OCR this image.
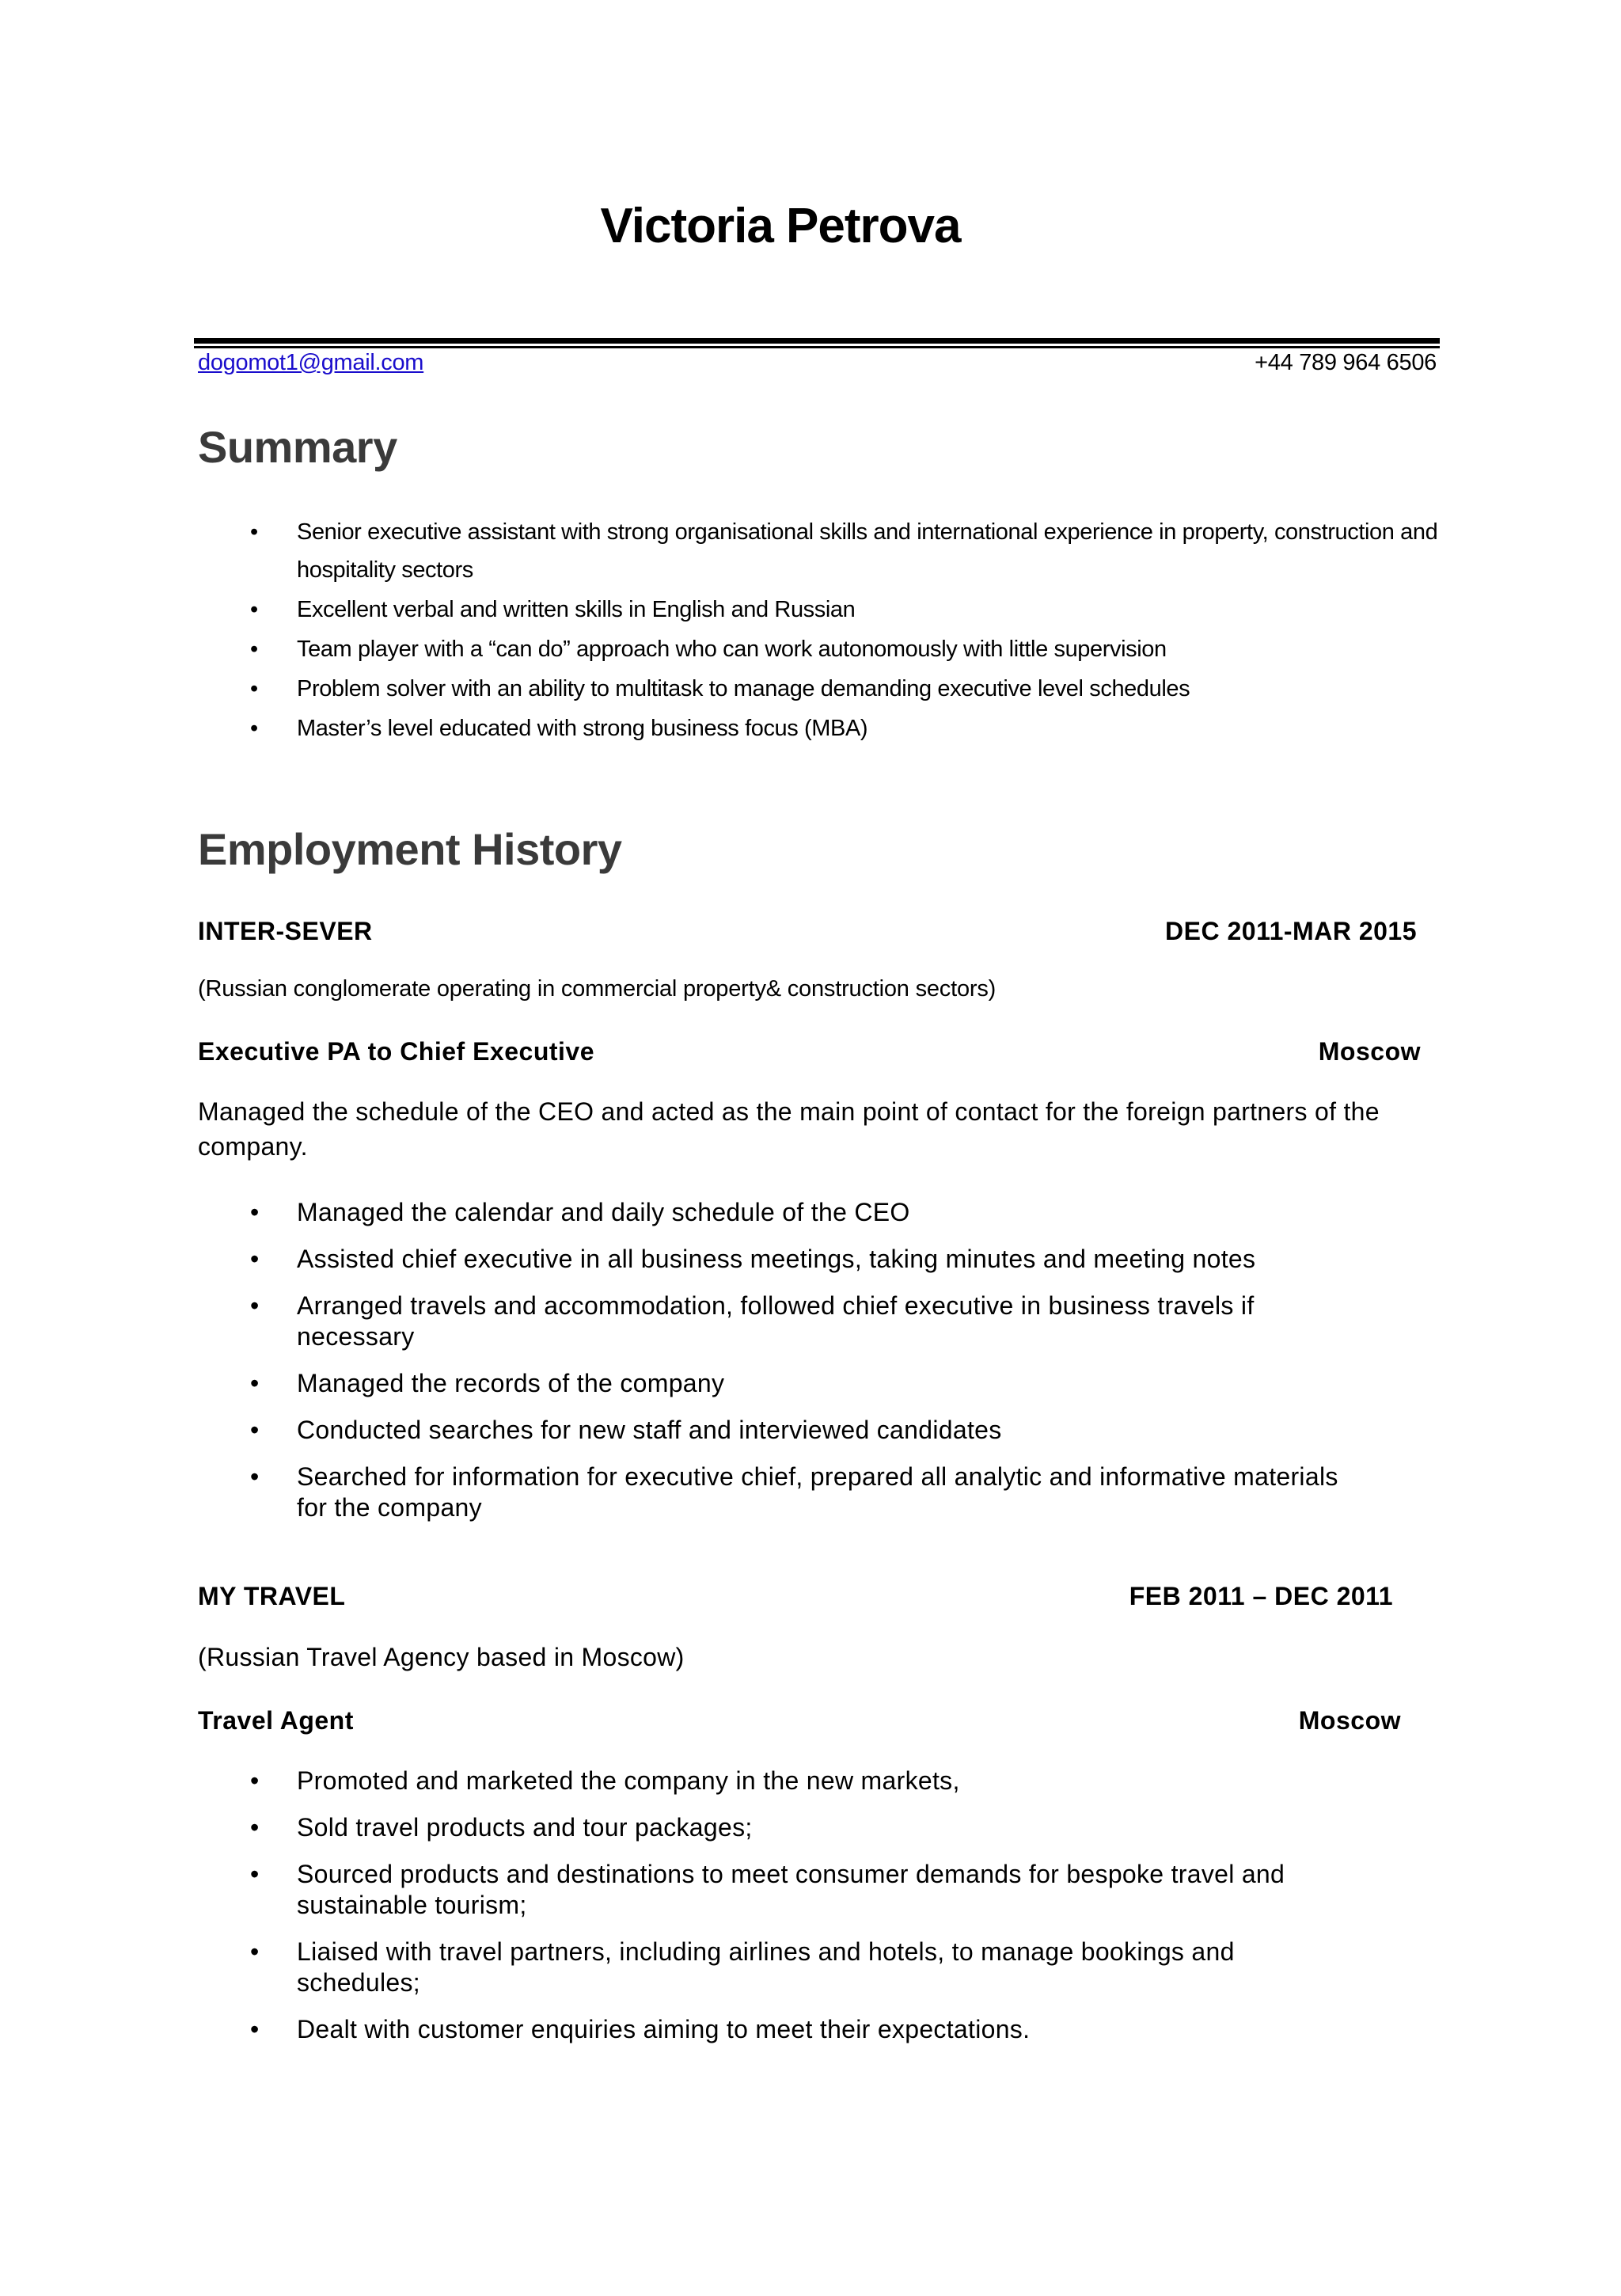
Victoria Petrova
dogomot1@gmail.com	+44 789 964 6506
Summary
• Senior executive assistant with strong organisational skills and international experience in property, construction and hospitality sectors
• Excellent verbal and written skills in English and Russian
• Team player with a “can do” approach who can work autonomously with little supervision
• Problem solver with an ability to multitask to manage demanding executive level schedules
• Master’s level educated with strong business focus (MBA)
Employment History
INTER-SEVER	DEC 2011-MAR 2015
(Russian conglomerate operating in commercial property& construction sectors)
Executive PA to Chief Executive	Moscow
Managed the schedule of the CEO and acted as the main point of contact for the foreign partners of the company.
• Managed the calendar and daily schedule of the CEO
• Assisted chief executive in all business meetings, taking minutes and meeting notes
• Arranged travels and accommodation, followed chief executive in business travels if necessary
• Managed the records of the company
• Conducted searches for new staff and interviewed candidates
• Searched for information for executive chief, prepared all analytic and informative materials for the company
MY TRAVEL	FEB 2011 – DEC 2011
(Russian Travel Agency based in Moscow)
Travel Agent	Moscow
• Promoted and marketed the company in the new markets,
• Sold travel products and tour packages;
• Sourced products and destinations to meet consumer demands for bespoke travel and sustainable tourism;
• Liaised with travel partners, including airlines and hotels, to manage bookings and schedules;
• Dealt with customer enquiries aiming to meet their expectations.
